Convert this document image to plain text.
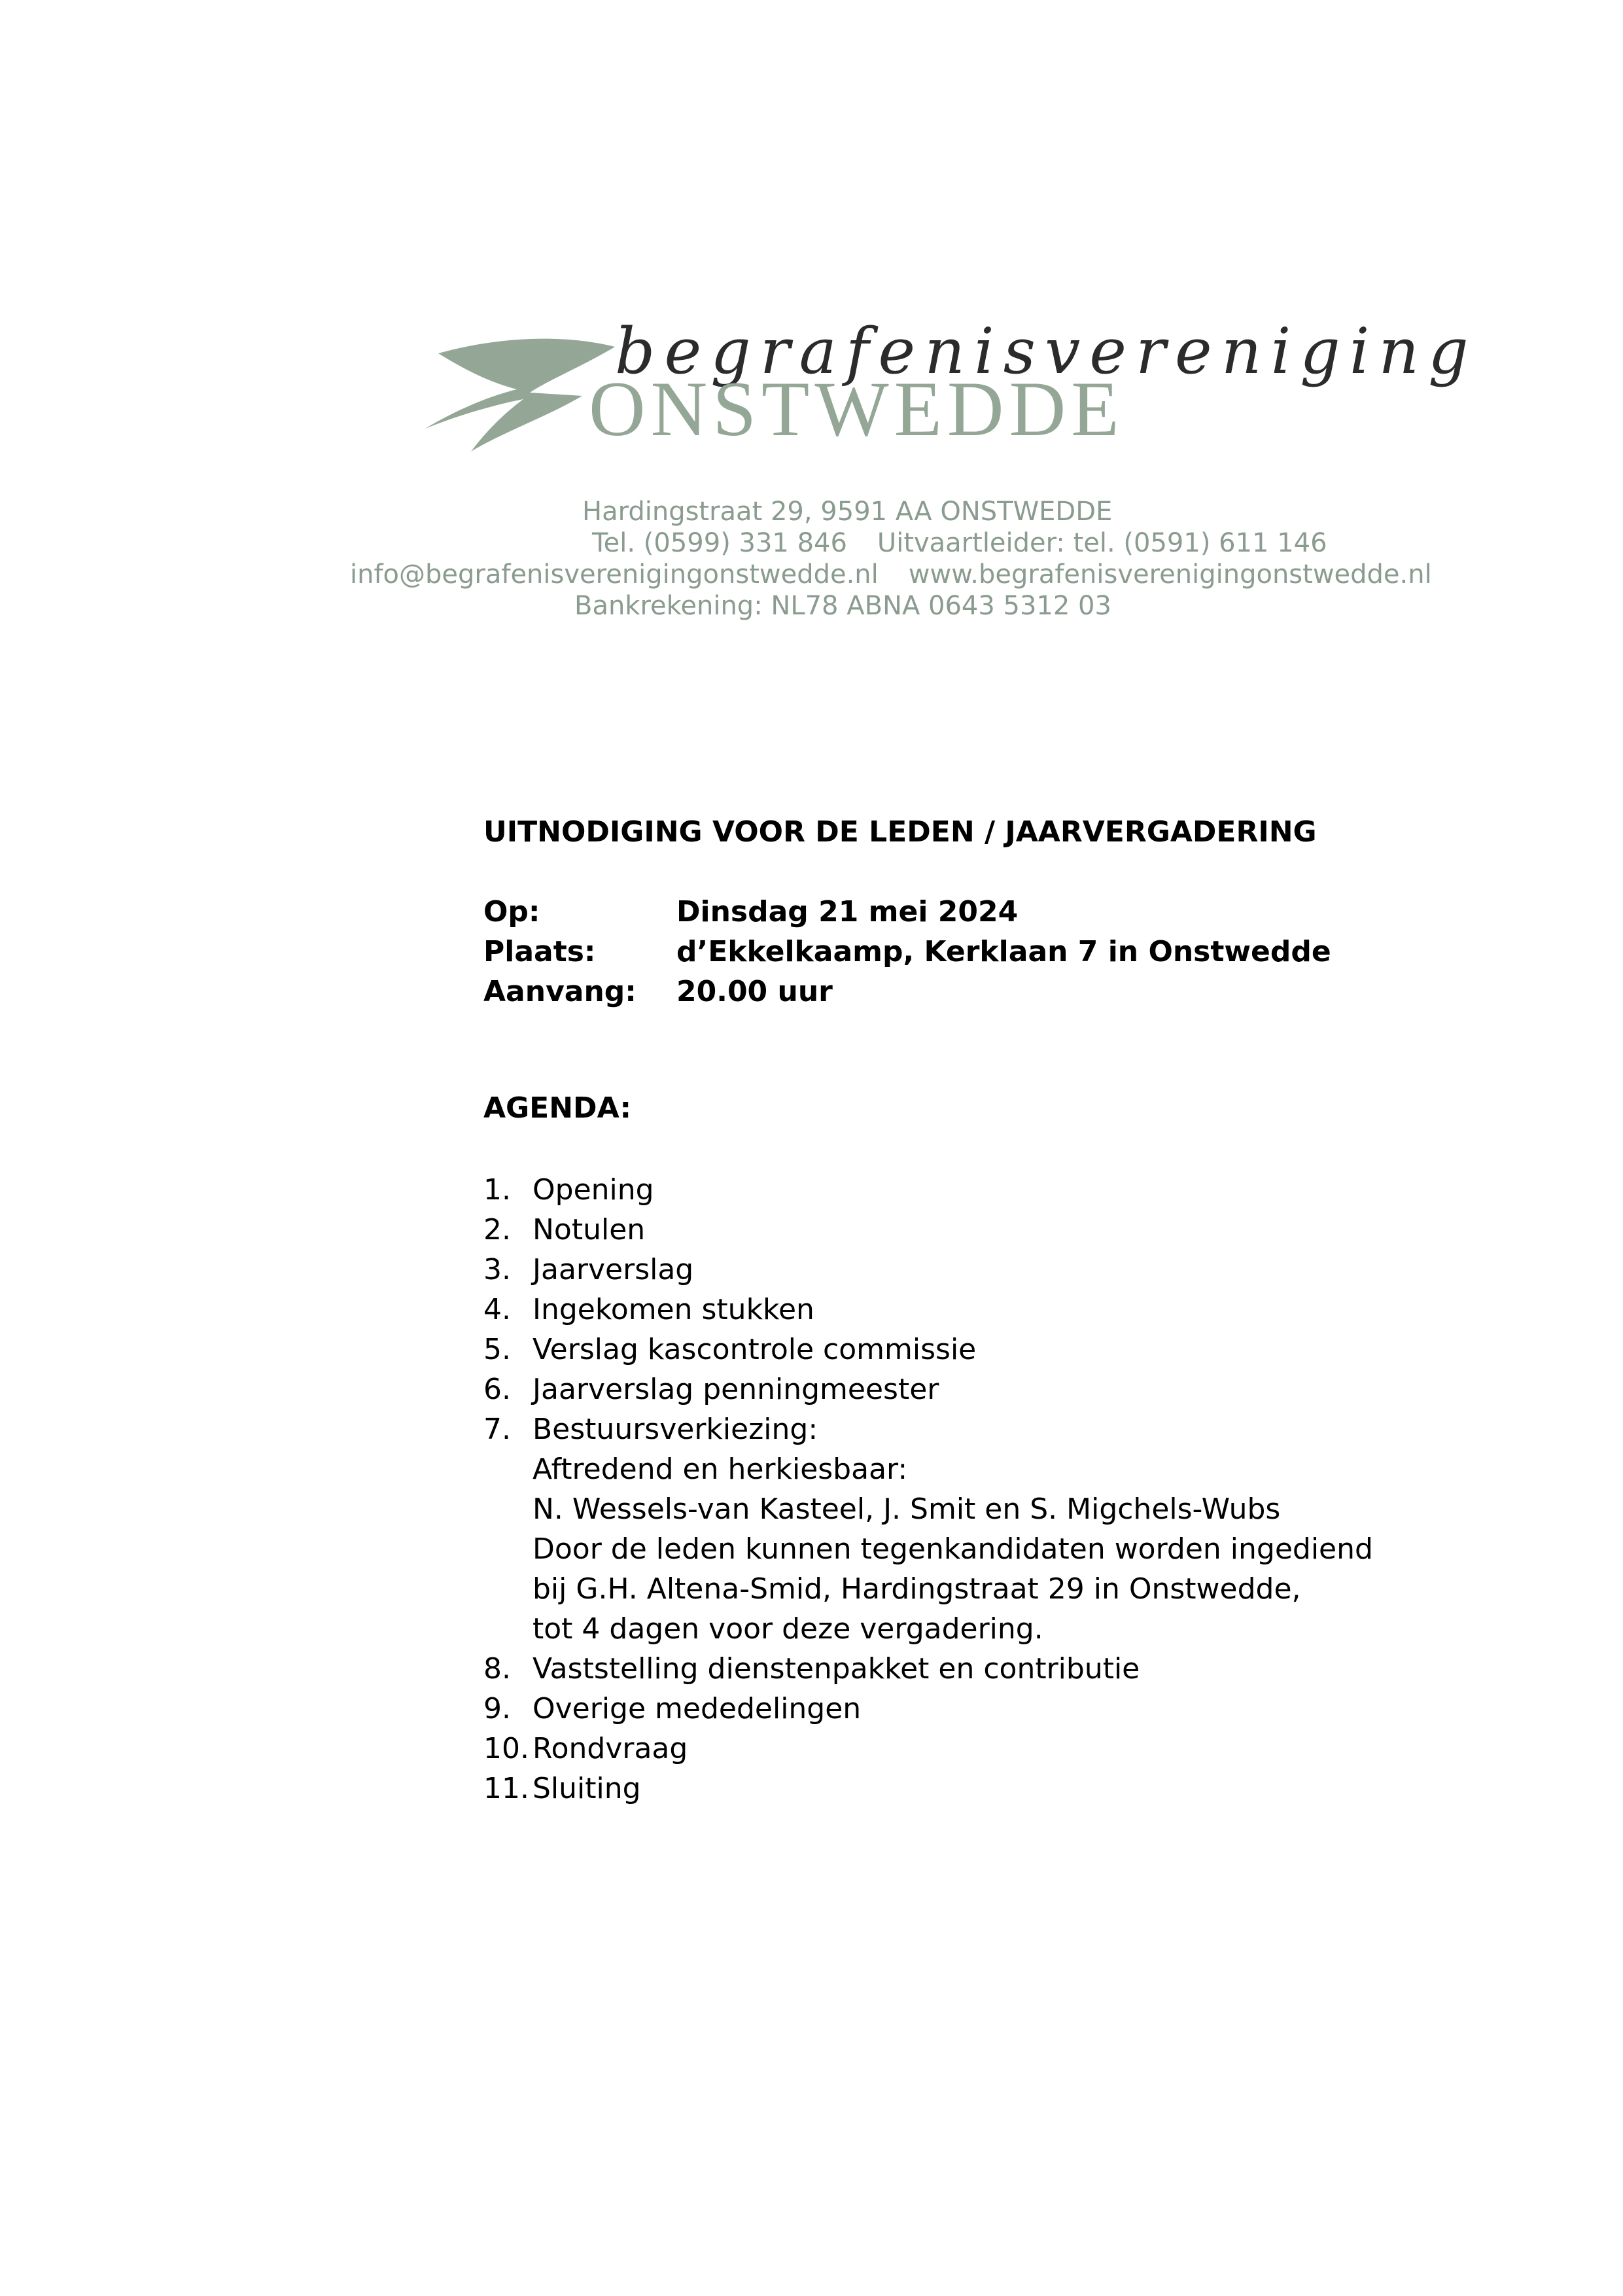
begrafenisvereniging
ONSTWEDDE
Hardingstraat 29, 9591 AA ONSTWEDDE
Tel. (0599) 331 846 Uitvaartleider: tel. (0591) 611 146
info@begrafenisverenigingonstwedde.nl www.begrafenisverenigingonstwedde.nl
Bankrekening: NL78 ABNA 0643 5312 03
UITNODIGING VOOR DE LEDEN / JAARVERGADERING
Op:	Dinsdag 21 mei 2024
Plaats:	d’Ekkelkaamp, Kerklaan 7 in Onstwedde
Aanvang: 20.00 uur
AGENDA:
1. Opening
2. Notulen
3. Jaarverslag
4. Ingekomen stukken
5. Verslag kascontrole commissie
6. Jaarverslag penningmeester
7. Bestuursverkiezing:
Aftredend en herkiesbaar:
N. Wessels-van Kasteel, J. Smit en S. Migchels-Wubs
Door de leden kunnen tegenkandidaten worden ingediend
bij G.H. Altena-Smid, Hardingstraat 29 in Onstwedde,
tot 4 dagen voor deze vergadering.
8. Vaststelling dienstenpakket en contributie
9. Overige mededelingen
10. Rondvraag
11. Sluiting
